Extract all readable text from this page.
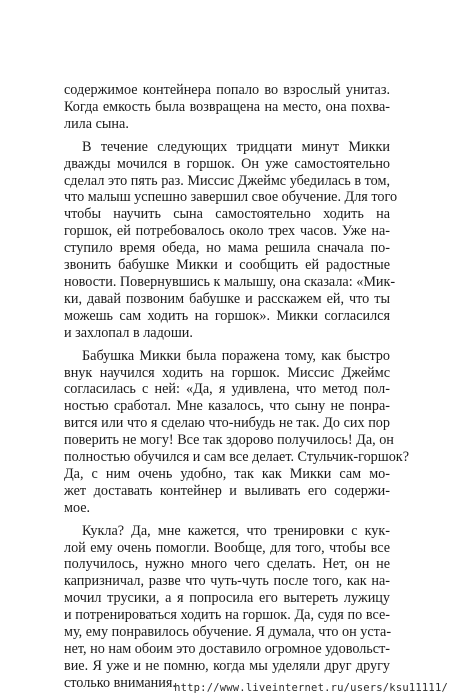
содержимое контейнера попало во взрослый унитаз.
Когда емкость была возвращена на место, она похва-
лила сына.

В течение следующих тридцати минут Микки
дважды мочился в горшок. Он уже самостоятельно
сделал это пять раз. Миссис Джеймс убедилась в том,
что малыш успешно завершил свое обучение. Для того
чтобы научить сына самостоятельно ходить на
горшок, ей потребовалось около трех часов. Уже на-
ступило время обеда, но мама решила сначала по-
звонить бабушке Микки и сообщить ей радостные
новости. Повернувшись к малышу, она сказала: «Мик-
ки, давай позвоним бабушке и расскажем ей, что ты
можешь сам ходить на горшок». Микки согласился
и захлопал в ладоши.

Бабушка Микки была поражена тому, как быстро
внук научился ходить на горшок. Миссис Джеймс
согласилась с ней: «Да, я удивлена, что метод пол-
ностью сработал. Мне казалось, что сыну не понра-
вится или что я сделаю что-нибудь не так. До сих пор
поверить не могу! Все так здорово получилось! Да, он
полностью обучился и сам все делает. Стульчик-горшок?
Да, с ним очень удобно, так как Микки сам мо-
жет доставать контейнер и выливать его содержи-
мое.

Кукла? Да, мне кажется, что тренировки с кук-
лой ему очень помогли. Вообще, для того, чтобы все
получилось, нужно много чего сделать. Нет, он не
капризничал, разве что чуть-чуть после того, как на-
мочил трусики, а я попросила его вытереть лужицу
и потренироваться ходить на горшок. Да, судя по все-
му, ему понравилось обучение. Я думала, что он уста-
нет, но нам обоим это доставило огромное удовольст-
вие. Я уже и не помню, когда мы уделяли друг другу
столько внимания.

http://www.liveinternet.ru/users/ksu11111/
